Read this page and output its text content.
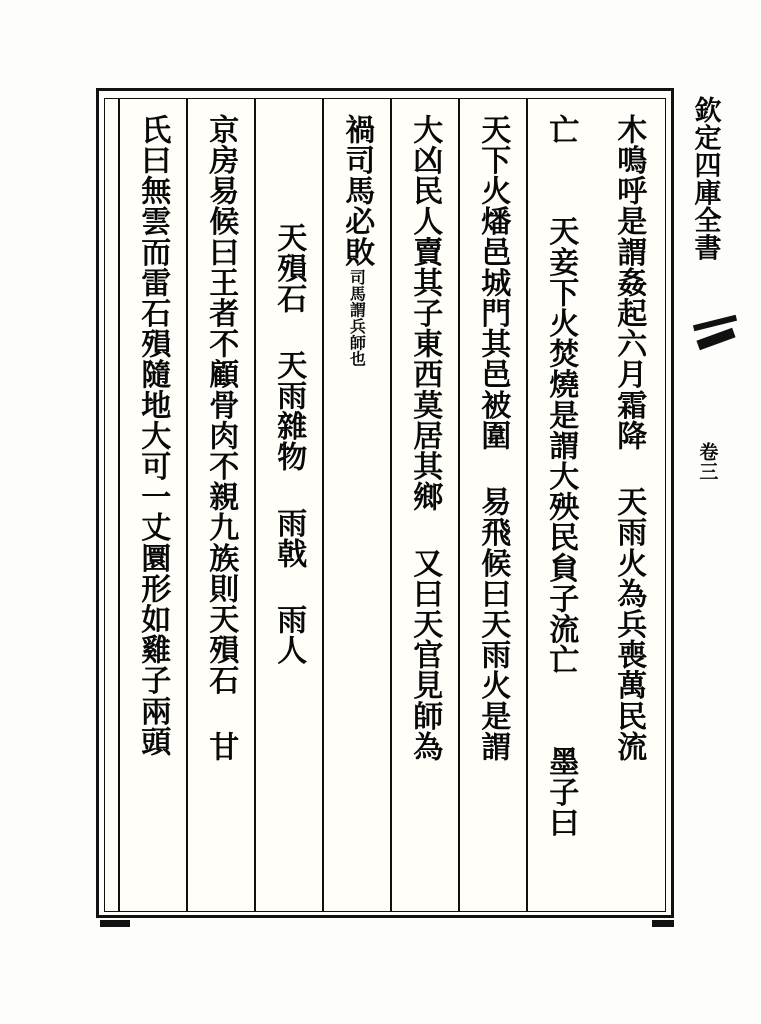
欽定四庫全書
卷三
木鳴呼是謂姦起六月霜降 天雨火為兵喪萬民流
亡  天妾下火焚燒是謂大殃民貟子流亡  墨子曰
天下火燔邑城門其邑被圍 易飛候曰天雨火是謂
大凶民人賣其子東西莫居其鄉 又曰天官見師為
禍司馬必敗
司馬謂兵師也
天殞石 天雨雜物 雨戟 雨人
京房易候曰王者不顧骨肉不親九族則天殞石 甘
氏曰無雲而雷石殞隨地大可一丈圜形如雞子兩頭
